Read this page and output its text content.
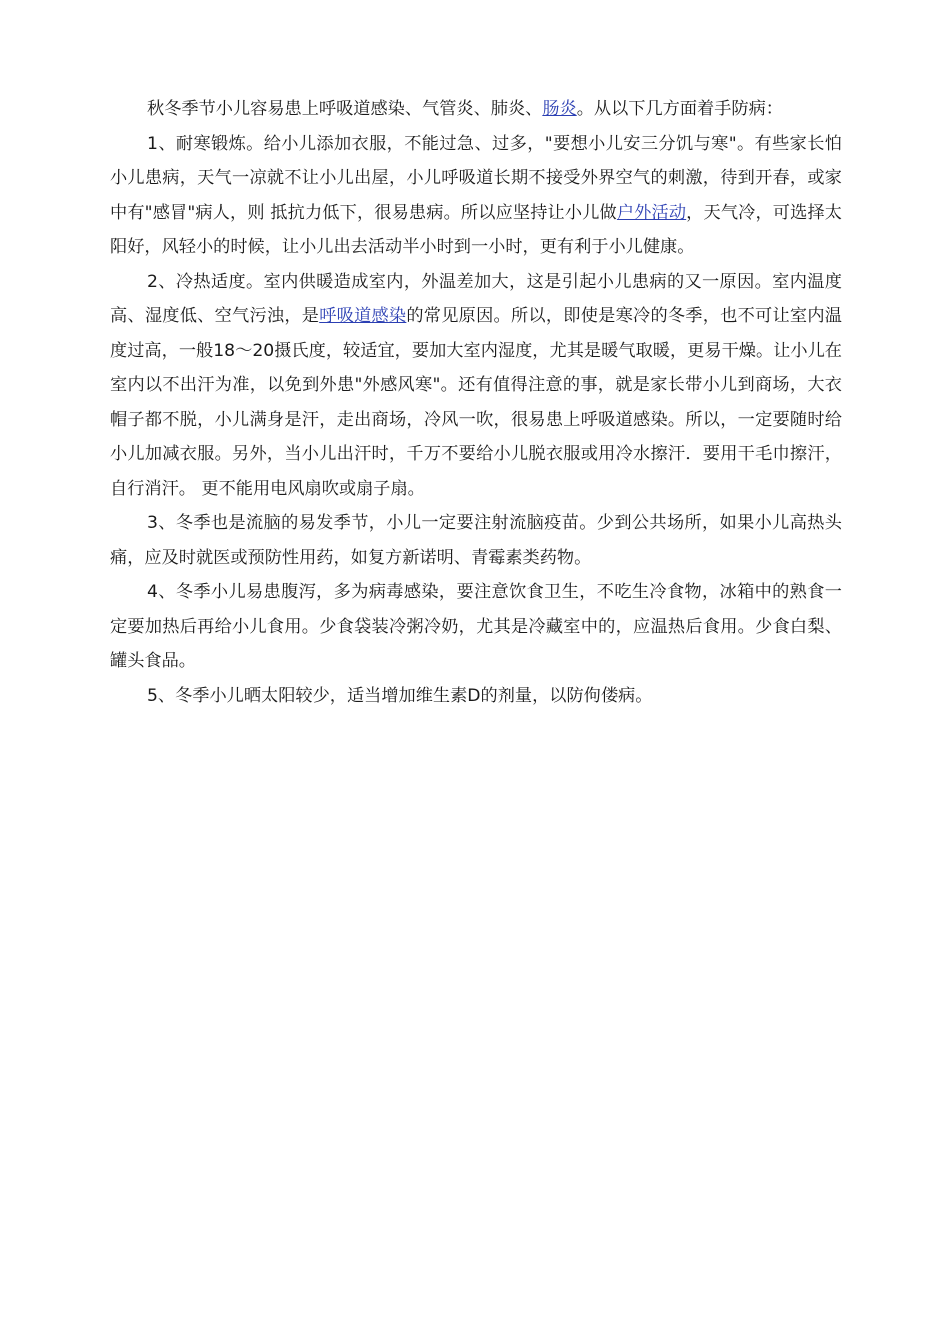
秋冬季节小儿容易患上呼吸道感染、气管炎、肺炎、肠炎。从以下几方面着手防病：

1、耐寒锻炼。给小儿添加衣服，不能过急、过多，"要想小儿安三分饥与寒"。有些家长怕小儿患病，天气一凉就不让小儿出屋，小儿呼吸道长期不接受外界空气的刺激，待到开春，或家中有"感冒"病人，则 抵抗力低下，很易患病。所以应坚持让小儿做户外活动，天气冷，可选择太阳好，风轻小的时候，让小儿出去活动半小时到一小时，更有利于小儿健康。

2、冷热适度。室内供暖造成室内，外温差加大，这是引起小儿患病的又一原因。室内温度高、湿度低、空气污浊，是呼吸道感染的常见原因。所以，即使是寒冷的冬季，也不可让室内温度过高，一般18～20摄氏度，较适宜，要加大室内湿度，尤其是暖气取暖，更易干燥。让小儿在室内以不出汗为准，以免到外患"外感风寒"。还有值得注意的事，就是家长带小儿到商场，大衣帽子都不脱，小儿满身是汗，走出商场，冷风一吹，很易患上呼吸道感染。所以，一定要随时给小儿加减衣服。另外，当小儿出汗时，千万不要给小儿脱衣服或用冷水擦汗．要用干毛巾擦汗，自行消汗。 更不能用电风扇吹或扇子扇。

3、冬季也是流脑的易发季节，小儿一定要注射流脑疫苗。少到公共场所，如果小儿高热头痛，应及时就医或预防性用药，如复方新诺明、青霉素类药物。

4、冬季小儿易患腹泻，多为病毒感染，要注意饮食卫生，不吃生冷食物，冰箱中的熟食一定要加热后再给小儿食用。少食袋装冷粥冷奶，尤其是冷藏室中的，应温热后食用。少食白梨、罐头食品。

5、冬季小儿晒太阳较少，适当增加维生素D的剂量，以防佝偻病。
